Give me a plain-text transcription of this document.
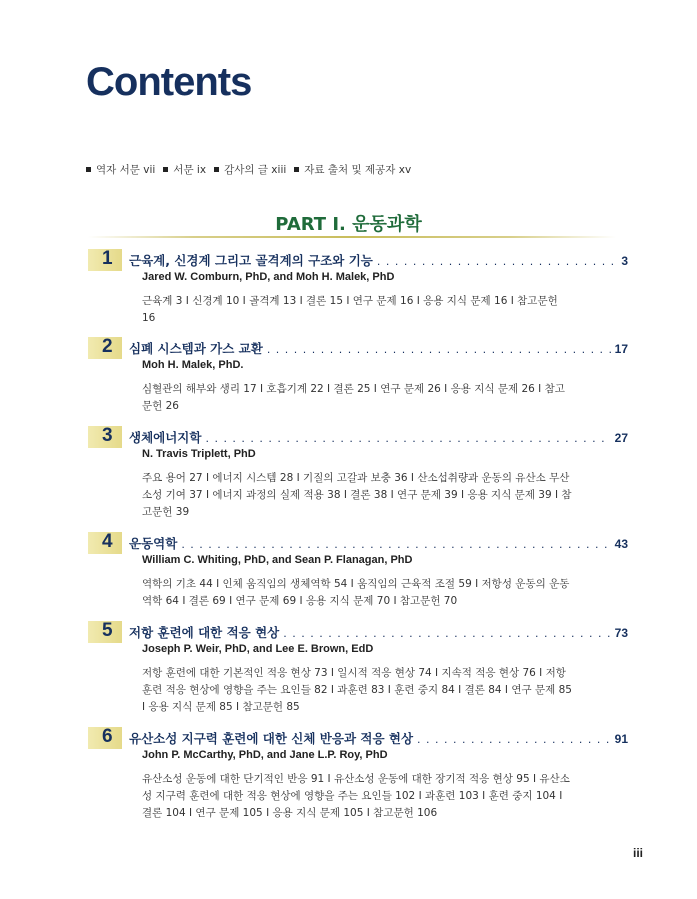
Contents
역자 서문 vii 서문 ix 감사의 글 xiii 자료 출처 및 제공자 xv
PART I. 운동과학
1 근육계, 신경계 그리고 골격계의 구조와 기능 . . .	3
Jared W. Comburn, PhD, and Moh H. Malek, PhD
근육계 3 I 신경계 10 I 골격계 13 I 결론 15 I 연구 문제 16 I 응용 지식 문제 16 I 참고문헌 16
2 심폐 시스템과 가스 교환 . . .	17
Moh H. Malek, PhD.
심혈관의 해부와 생리 17 I 호흡기계 22 I 결론 25 I 연구 문제 26 I 응용 지식 문제 26 I 참고문헌 26
3 생체에너지학 . . .	27
N. Travis Triplett, PhD
주요 용어 27 I 에너지 시스템 28 I 기질의 고갈과 보충 36 I 산소섭취량과 운동의 유산소 무산소성 기여 37 I 에너지 과정의 실제 적용 38 I 결론 38 I 연구 문제 39 I 응용 지식 문제 39 I 참고문헌 39
4 운동역학 . . .	43
William C. Whiting, PhD, and Sean P. Flanagan, PhD
역학의 기초 44 I 인체 움직임의 생체역학 54 I 움직임의 근육적 조절 59 I 저항성 운동의 운동역학 64 I 결론 69 I 연구 문제 69 I 응용 지식 문제 70 I 참고문헌 70
5 저항 훈련에 대한 적응 현상 . . .	73
Joseph P. Weir, PhD, and Lee E. Brown, EdD
저항 훈련에 대한 기본적인 적응 현상 73 I 일시적 적응 현상 74 I 지속적 적응 현상 76 I 저항 훈련 적응 현상에 영향을 주는 요인들 82 I 과훈련 83 I 훈련 중지 84 I 결론 84 I 연구 문제 85 I 응용 지식 문제 85 I 참고문헌 85
6 유산소성 지구력 훈련에 대한 신체 반응과 적응 현상 . . .	91
John P. McCarthy, PhD, and Jane L.P. Roy, PhD
유산소성 운동에 대한 단기적인 반응 91 I 유산소성 운동에 대한 장기적 적응 현상 95 I 유산소성 지구력 훈련에 대한 적응 현상에 영향을 주는 요인들 102 I 과훈련 103 I 훈련 중지 104 I 결론 104 I 연구 문제 105 I 응용 지식 문제 105 I 참고문헌 106
iii
